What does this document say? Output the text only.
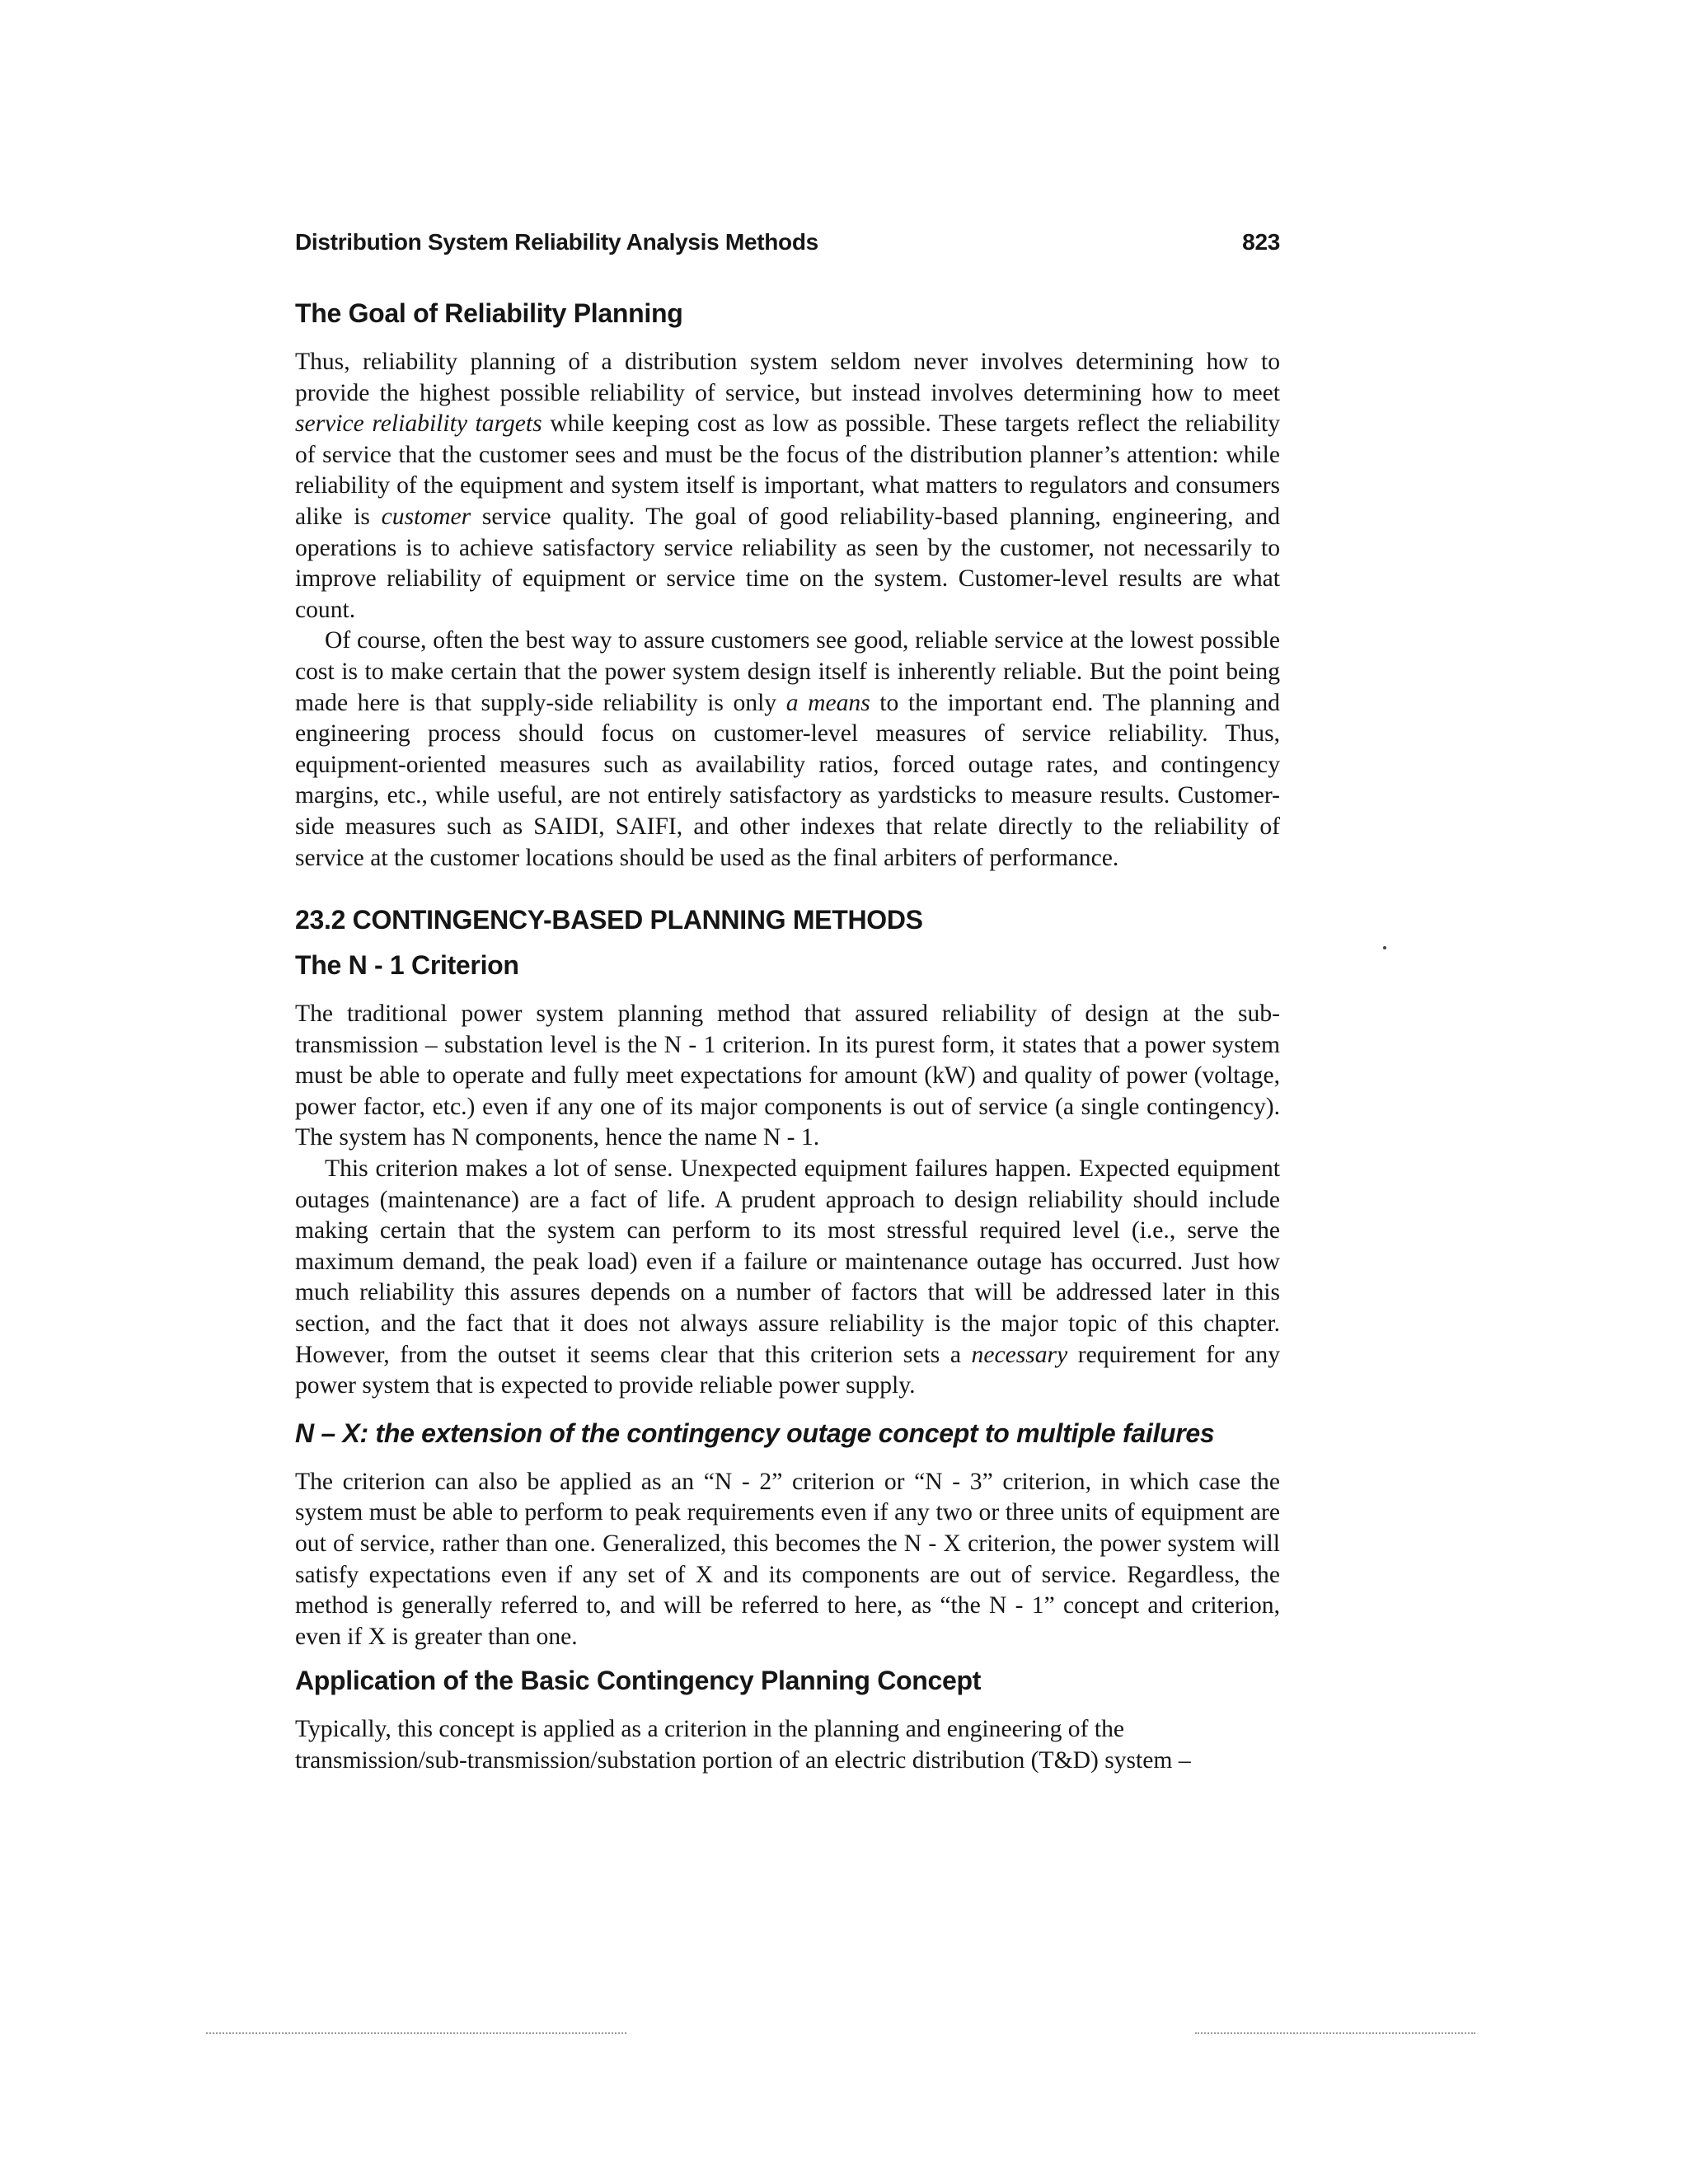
Distribution System Reliability Analysis Methods	823
The Goal of Reliability Planning

Thus, reliability planning of a distribution system seldom never involves determining how to provide the highest possible reliability of service, but instead involves determining how to meet service reliability targets while keeping cost as low as possible. These targets reflect the reliability of service that the customer sees and must be the focus of the distribution planner’s attention: while reliability of the equipment and system itself is important, what matters to regulators and consumers alike is customer service quality. The goal of good reliability-based planning, engineering, and operations is to achieve satisfactory service reliability as seen by the customer, not necessarily to improve reliability of equipment or service time on the system. Customer-level results are what count.

Of course, often the best way to assure customers see good, reliable service at the lowest possible cost is to make certain that the power system design itself is inherently reliable. But the point being made here is that supply-side reliability is only a means to the important end. The planning and engineering process should focus on customer-level measures of service reliability. Thus, equipment-oriented measures such as availability ratios, forced outage rates, and contingency margins, etc., while useful, are not entirely satisfactory as yardsticks to measure results. Customer-side measures such as SAIDI, SAIFI, and other indexes that relate directly to the reliability of service at the customer locations should be used as the final arbiters of performance.

23.2 CONTINGENCY-BASED PLANNING METHODS
The N - 1 Criterion

The traditional power system planning method that assured reliability of design at the sub-transmission – substation level is the N - 1 criterion. In its purest form, it states that a power system must be able to operate and fully meet expectations for amount (kW) and quality of power (voltage, power factor, etc.) even if any one of its major components is out of service (a single contingency). The system has N components, hence the name N - 1.

This criterion makes a lot of sense. Unexpected equipment failures happen. Expected equipment outages (maintenance) are a fact of life. A prudent approach to design reliability should include making certain that the system can perform to its most stressful required level (i.e., serve the maximum demand, the peak load) even if a failure or maintenance outage has occurred. Just how much reliability this assures depends on a number of factors that will be addressed later in this section, and the fact that it does not always assure reliability is the major topic of this chapter. However, from the outset it seems clear that this criterion sets a necessary requirement for any power system that is expected to provide reliable power supply.

N – X: the extension of the contingency outage concept to multiple failures

The criterion can also be applied as an “N - 2” criterion or “N - 3” criterion, in which case the system must be able to perform to peak requirements even if any two or three units of equipment are out of service, rather than one. Generalized, this becomes the N - X criterion, the power system will satisfy expectations even if any set of X and its components are out of service. Regardless, the method is generally referred to, and will be referred to here, as “the N - 1” concept and criterion, even if X is greater than one.

Application of the Basic Contingency Planning Concept

Typically, this concept is applied as a criterion in the planning and engineering of the transmission/sub-transmission/substation portion of an electric distribution (T&D) system –
